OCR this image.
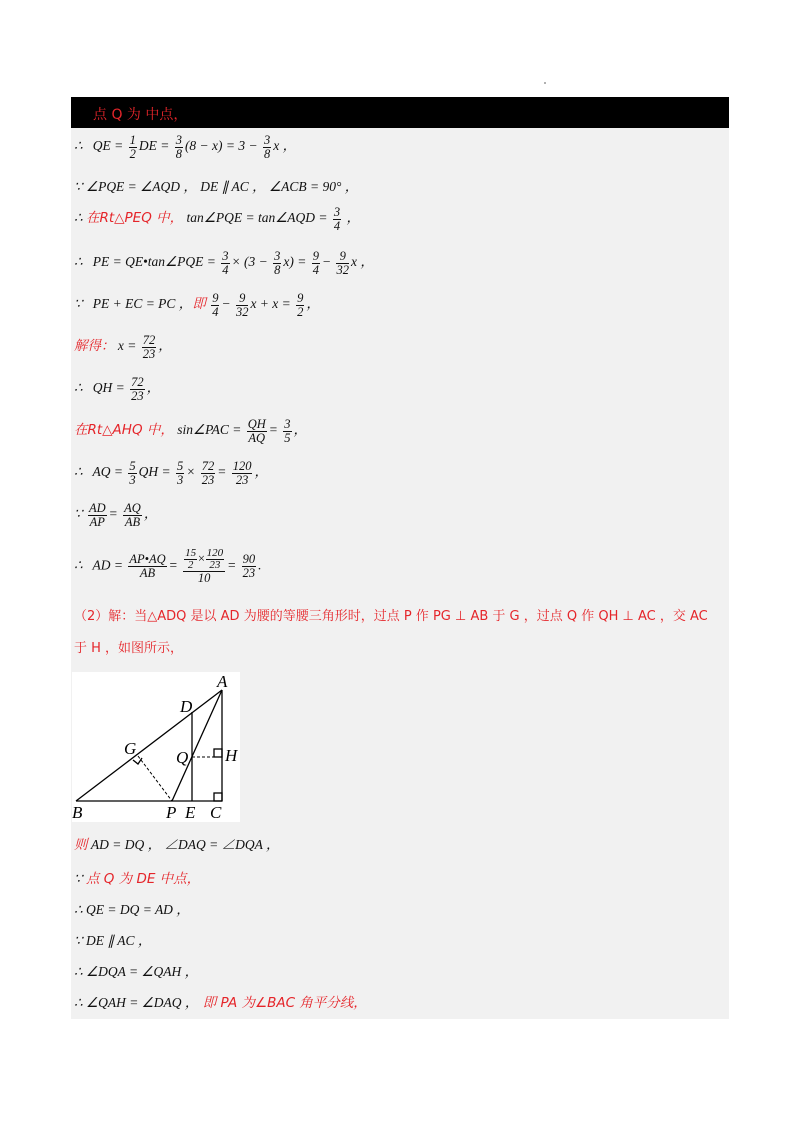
点 Q 为 中点，
∴   QE = $\frac{1}{2}$ DE = $\frac{3}{8} (8 - x) = 3 - \frac{3}{8}$ x ，
∵ ∠PQE = ∠AQD ， DE ∥ AC ， ∠ACB = 90° ，
∴ 在Rt△PEQ 中， tan∠PQE = tan∠AQD = $\frac{3}{4}$ ，
∴   PE = QE•tan∠PQE = $\frac{3}{4} \times (3 - \frac{3}{8} x) = \frac{9}{4} - \frac{9}{32}$ x ，
∵   PE + EC = PC ，即 $\frac{9}{4} - \frac{9}{32}$ $x + x = \frac{9}{2}$ ，
解得： $x = \frac{72}{23}$ ，
∴   QH = $\frac{72}{23}$ ，
在Rt△AHQ 中， sin∠PAC = $\frac{QH}{AQ} = \frac{3}{5}$ ，
∴   AQ = $\frac{5}{3}$ QH = $\frac{5}{3} \times \frac{72}{23} = \frac{120}{23}$ ，
∵ $\frac{AD}{AP} = \frac{AQ}{AB}$ ，
∴   AD = $\frac{AP•AQ}{AB} = \frac{\frac{15}{2} \times \frac{120}{23}}{10} = \frac{90}{23}$ .
（2）解：当△ADQ 是以 AD 为腰的等腰三角形时，过点 P 作 PG ⊥ AB 于 G ，过点 Q 作 QH ⊥ AC ，交 AC
于 H ，如图所示，
A
D
G Q H
B	P E C
则 AD = DQ ， ∠DAQ = ∠DQA ，
∵ 点 Q 为 DE 中点，
∴ QE = DQ = AD ，
∵ DE ∥ AC ，
∴ ∠DQA = ∠QAH ，
∴ ∠QAH = ∠DAQ ， 即 PA 为∠BAC 角平分线，
